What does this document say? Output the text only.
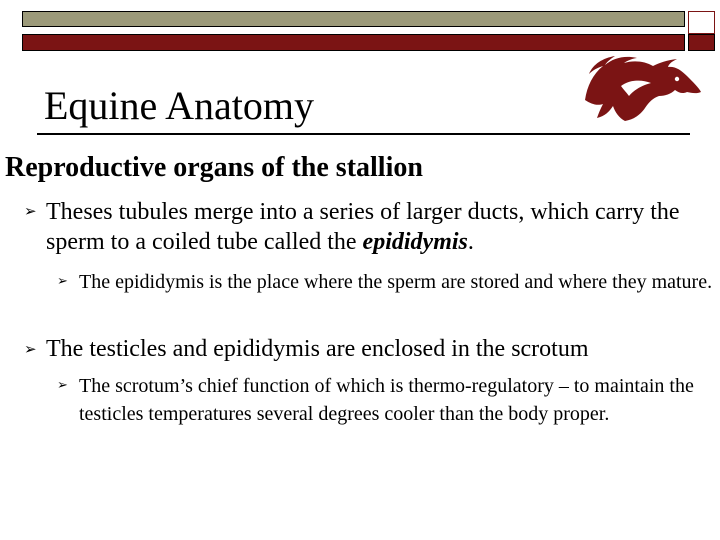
Equine Anatomy
Reproductive organs of the stallion
➢ Theses tubules merge into a series of larger ducts, which carry the sperm to a coiled tube called the epididymis.
➢ The epididymis is the place where the sperm are stored and where they mature.
➢ The testicles and epididymis are enclosed in the scrotum
➢ The scrotum’s chief function of which is thermo-regulatory – to maintain the testicles temperatures several degrees cooler than the body proper.
